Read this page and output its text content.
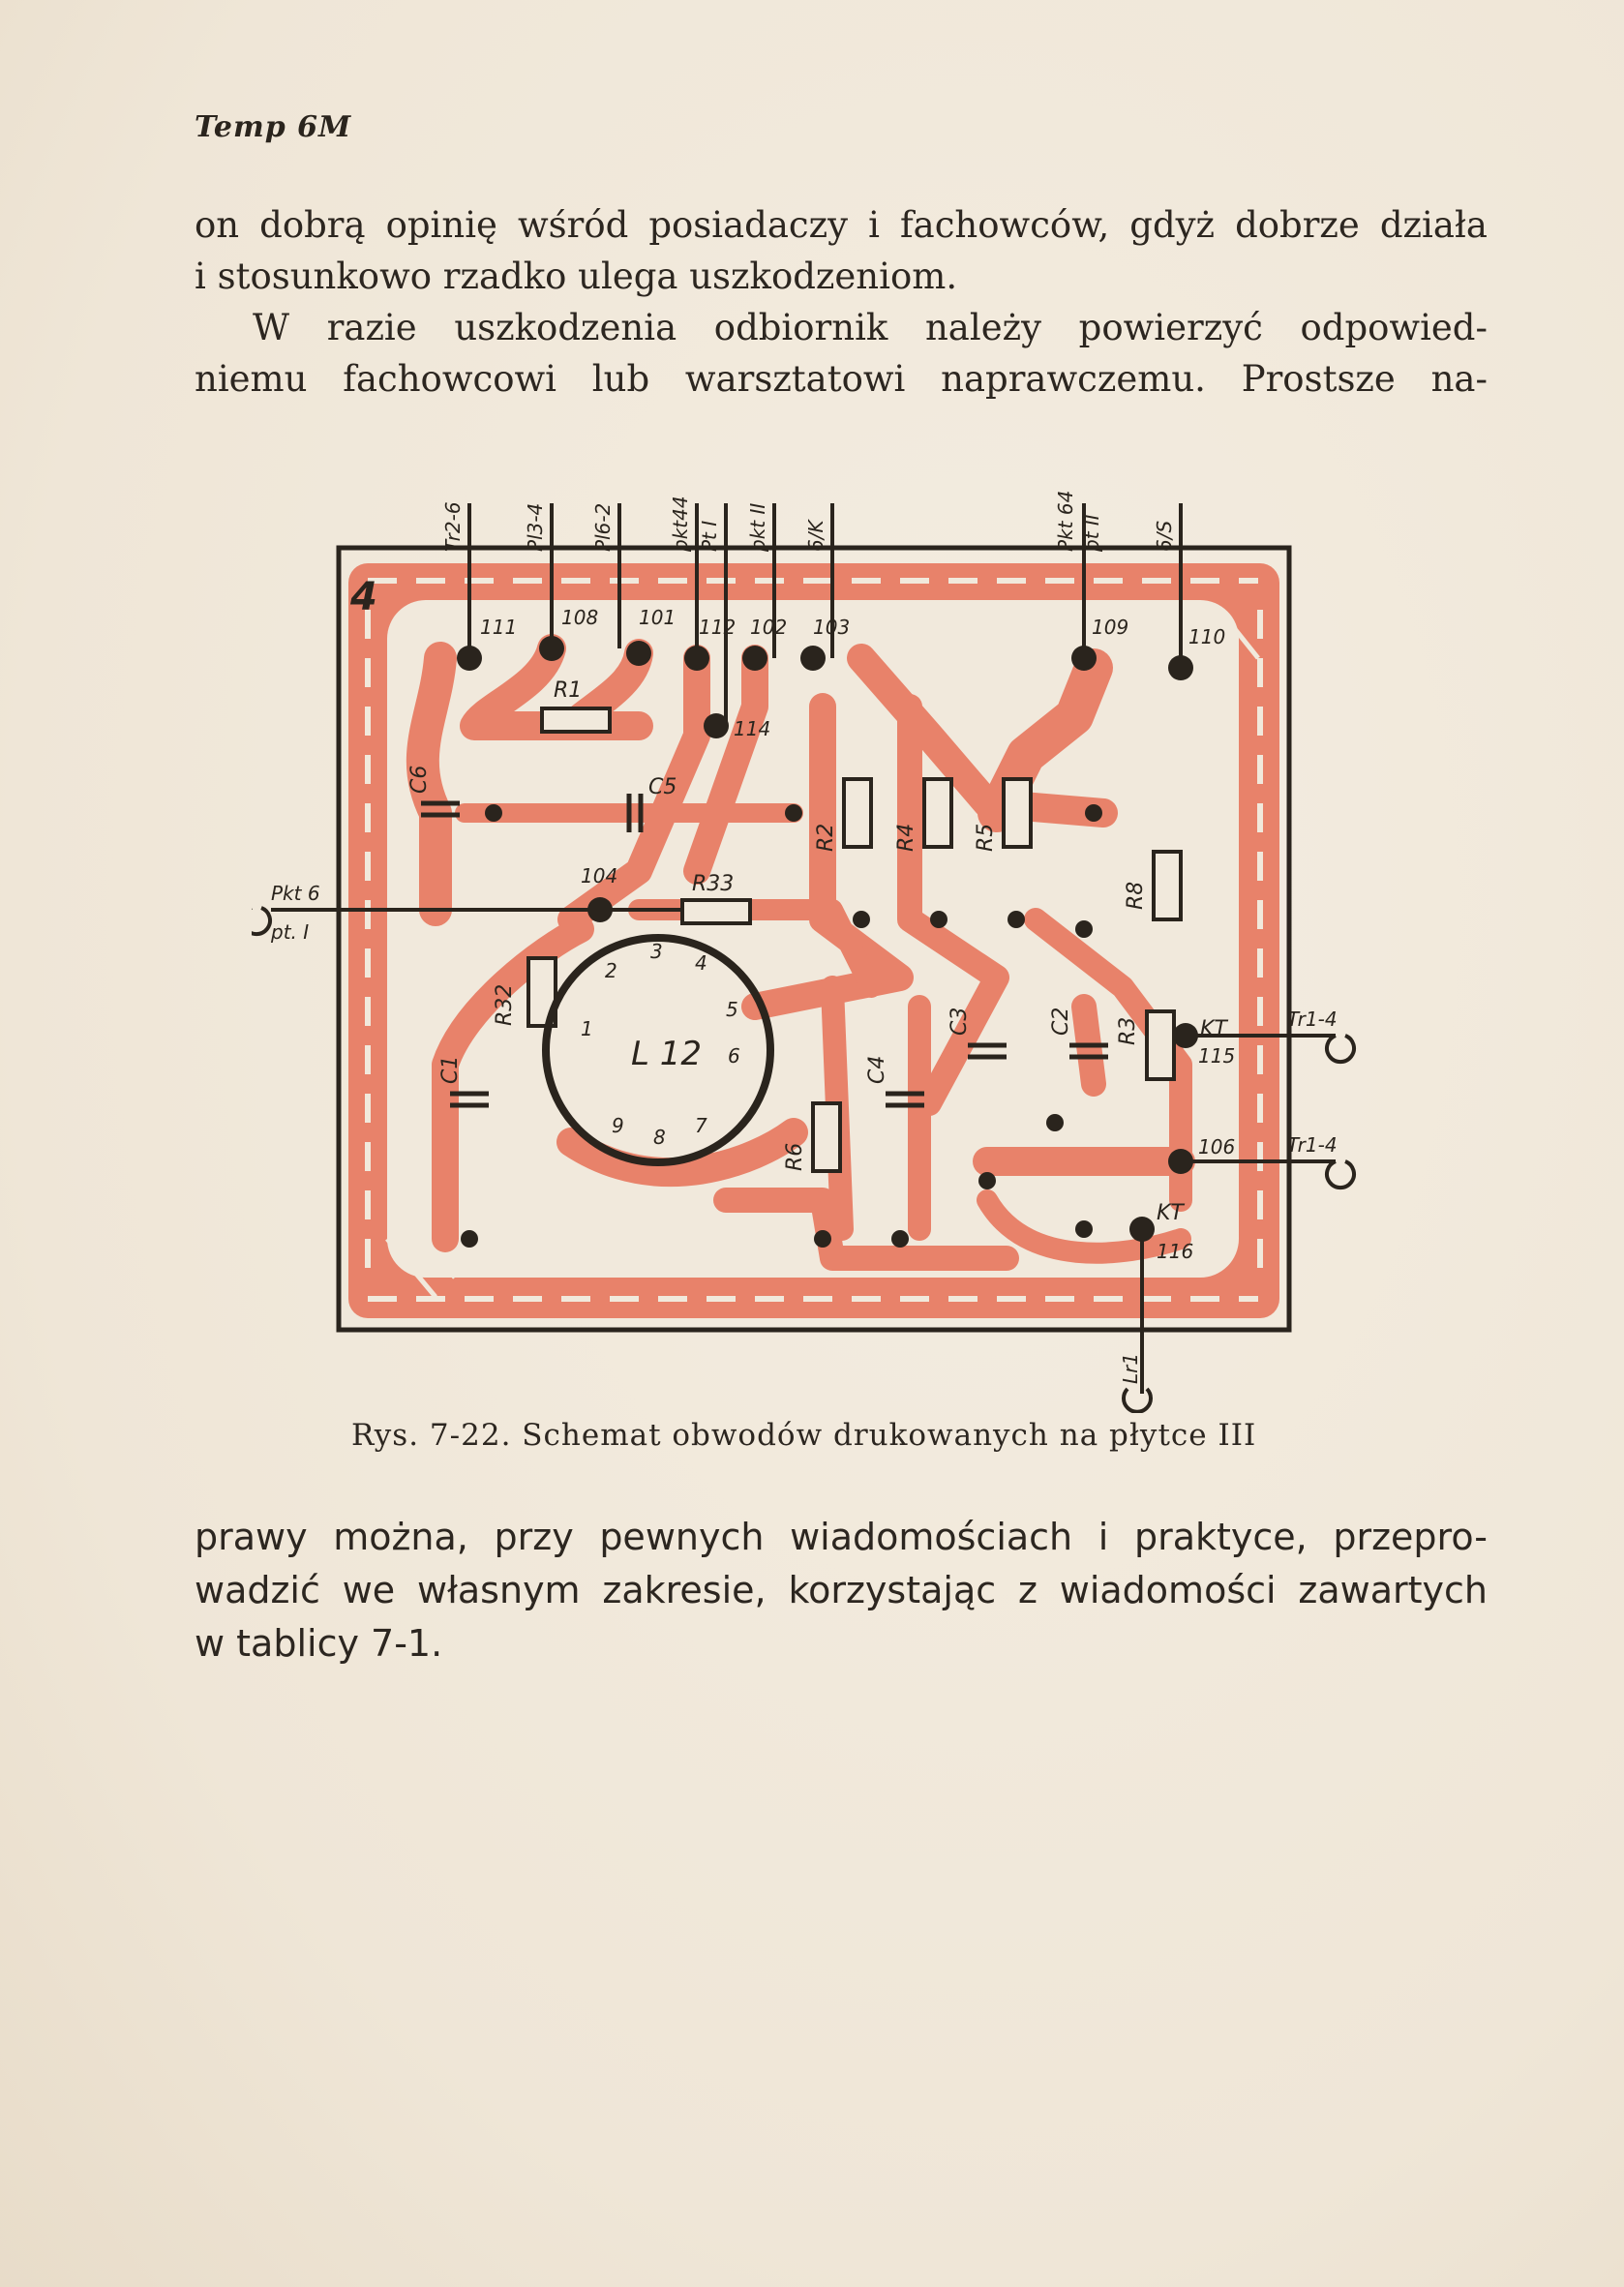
Temp 6M
on dobrą opinię wśród posiadaczy i fachowców, gdyż dobrze działa
i stosunkowo rzadko ulega uszkodzeniom.
W razie uszkodzenia odbiornik należy powierzyć odpowied-
niemu fachowcowi lub warsztatowi naprawczemu. Prostsze na-
4
L 12
Tr2-6	Pl3-4 Pl6-2	pkt44 Pt I pkt II 6/K	Pkt 64 pt II	6/S
Pkt 6
pt. I
Tr1-4
Tr1-4
Lr1
111 108 101 112 102 103	109	110
114
104
115
106
116
R1
C6	C5
R33
R32
R2	R4	R5
R8
R3
R6
C1
C3	C2
C4
KT
KT
1
2
3 4
5
6
7
8
9
Rys. 7-22. Schemat obwodów drukowanych na płytce III
prawy można, przy pewnych wiadomościach i praktyce, przepro-
wadzić we własnym zakresie, korzystając z wiadomości zawartych
w tablicy 7-1.
